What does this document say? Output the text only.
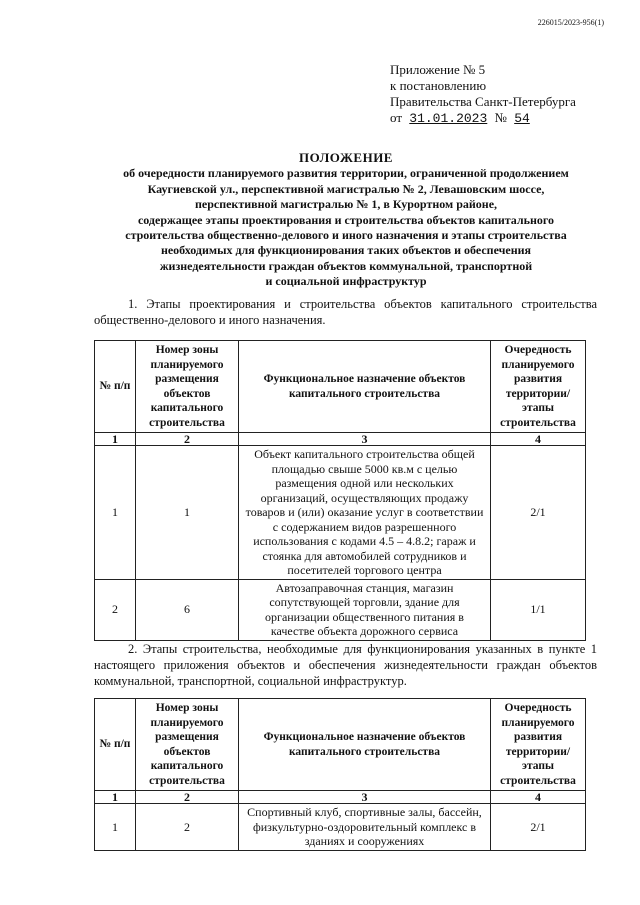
226015/2023-956(1)
Приложение № 5
к постановлению
Правительства Санкт-Петербурга
от 31.01.2023 № 54
ПОЛОЖЕНИЕ
об очередности планируемого развития территории, ограниченной продолжением
Каугиевской ул., перспективной магистралью № 2, Левашовским шоссе,
перспективной магистралью № 1, в Курортном районе,
содержащее этапы проектирования и строительства объектов капитального
строительства общественно-делового и иного назначения и этапы строительства
необходимых для функционирования таких объектов и обеспечения
жизнедеятельности граждан объектов коммунальной, транспортной
и социальной инфраструктур
1. Этапы проектирования и строительства объектов капитального строительства общественно-делового и иного назначения.
№ п/п	Номер зоны планируемого размещения объектов капитального строительства	Функциональное назначение объектов капитального строительства	Очередность планируемого развития территории/ этапы строительства
1	2	3	4
1	1	Объект капитального строительства общей площадью свыше 5000 кв.м с целью размещения одной или нескольких организаций, осуществляющих продажу товаров и (или) оказание услуг в соответствии с содержанием видов разрешенного использования с кодами 4.5 – 4.8.2; гараж и стоянка для автомобилей сотрудников и посетителей торгового центра	2/1
2	6	Автозаправочная станция, магазин сопутствующей торговли, здание для организации общественного питания в качестве объекта дорожного сервиса	1/1
2. Этапы строительства, необходимые для функционирования указанных в пункте 1 настоящего приложения объектов и обеспечения жизнедеятельности граждан объектов коммунальной, транспортной, социальной инфраструктур.
№ п/п	Номер зоны планируемого размещения объектов капитального строительства	Функциональное назначение объектов капитального строительства	Очередность планируемого развития территории/ этапы строительства
1	2	3	4
1	2	Спортивный клуб, спортивные залы, бассейн, физкультурно-оздоровительный комплекс в зданиях и сооружениях	2/1
